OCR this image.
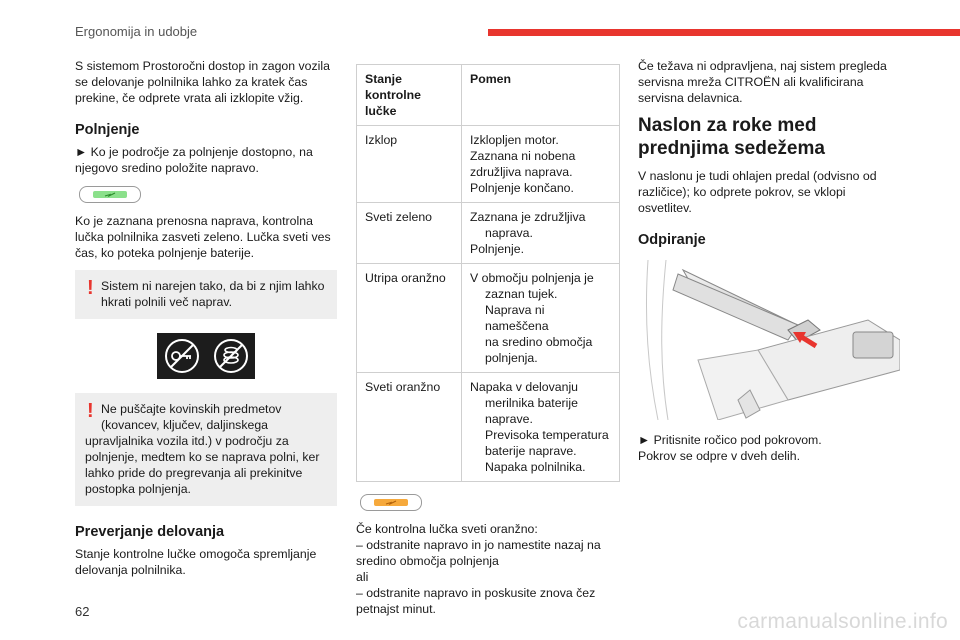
Ergonomija in udobje

S sistemom Prostoročni dostop in zagon vozila se delovanje polnilnika lahko za kratek čas prekine, če odprete vrata ali izklopite vžig.

Polnjenje

► Ko je področje za polnjenje dostopno, na njegovo sredino položite napravo.

Ko je zaznana prenosna naprava, kontrolna lučka polnilnika zasveti zeleno. Lučka sveti ves čas, ko poteka polnjenje baterije.

! Sistem ni narejen tako, da bi z njim lahko hkrati polnili več naprav.

! Ne puščajte kovinskih predmetov (kovancev, ključev, daljinskega

upravljalnika vozila itd.) v področju za polnjenje, medtem ko se naprava polni, ker lahko pride do pregrevanja ali prekinitve postopka polnjenja.

Preverjanje delovanja

Stanje kontrolne lučke omogoča spremljanje delovanja polnilnika.

Stanje kontrolne lučke	Pomen
Izklop	Izklopljen motor.
Zaznana ni nobena
združljiva naprava.
Polnjenje končano.

Sveti zeleno	Zaznana je združljiva
naprava.
Polnjenje.

Utripa oranžno	V območju polnjenja je
zaznan tujek.
Naprava ni nameščena
na sredino območja
polnjenja.

Sveti oranžno	Napaka v delovanju
merilnika baterije naprave.
Previsoka temperatura
baterije naprave.
Napaka polnilnika.

Če kontrolna lučka sveti oranžno:

– odstranite napravo in jo namestite nazaj na sredino območja polnjenja

ali

– odstranite napravo in poskusite znova čez petnajst minut.

Če težava ni odpravljena, naj sistem pregleda servisna mreža CITROËN ali kvalificirana servisna delavnica.

Naslon za roke med prednjima sedežema

V naslonu je tudi ohlajen predal (odvisno od različice); ko odprete pokrov, se vklopi osvetlitev.

Odpiranje

► Pritisnite ročico pod pokrovom.

Pokrov se odpre v dveh delih.

62	carmanualsonline.info
